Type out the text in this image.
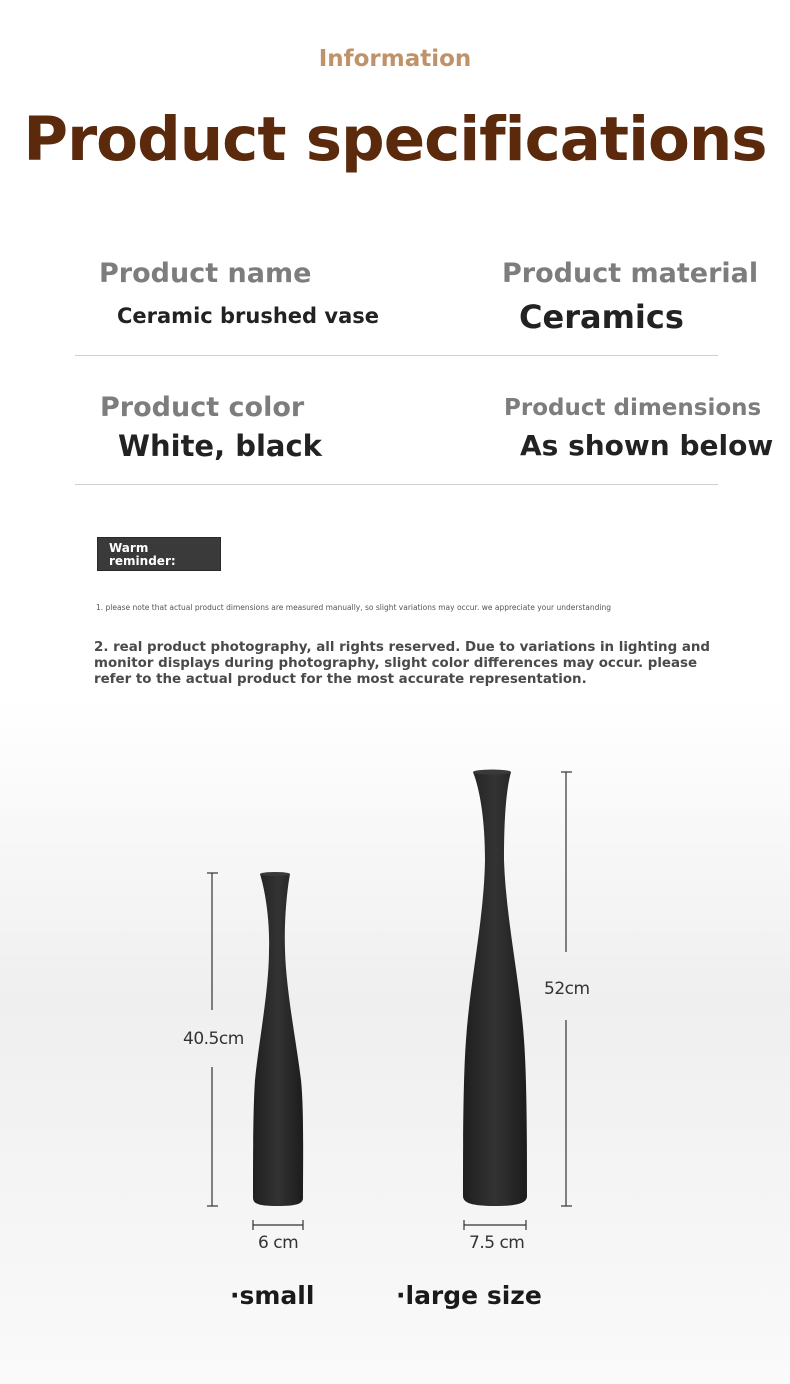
Information
Product specifications
Product name
Ceramic brushed vase
Product material
Ceramics
Product color
White, black
Product dimensions
As shown below
Warm
reminder:
1. please note that actual product dimensions are measured manually, so slight variations may occur. we appreciate your understanding
2. real product photography, all rights reserved. Due to variations in lighting and monitor displays during photography, slight color differences may occur. please refer to the actual product for the most accurate representation.
40.5cm
6 cm
52cm
7.5 cm
·small	·large size
